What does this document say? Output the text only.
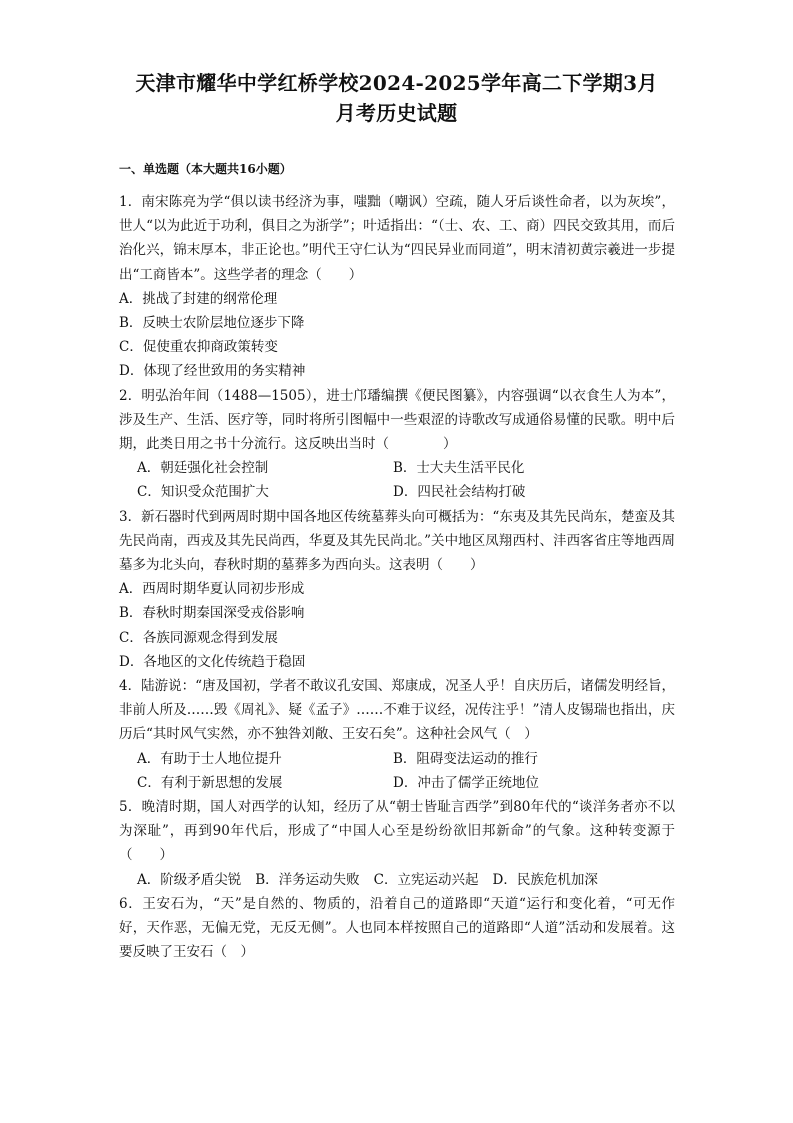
天津市耀华中学红桥学校2024-2025学年高二下学期3月
月考历史试题
一、单选题（本大题共16小题）

1．南宋陈亮为学“俱以读书经济为事，嗤黜（嘲讽）空疏，随人牙后谈性命者，以为灰埃”，世人“以为此近于功利，俱目之为浙学”；叶适指出：“（士、农、工、商）四民交致其用，而后治化兴，锦末厚本，非正论也。”明代王守仁认为“四民异业而同道”，明末清初黄宗羲进一步提出“工商皆本”。这些学者的理念（　　）

A．挑战了封建的纲常伦理

B．反映士农阶层地位逐步下降

C．促使重农抑商政策转变

D．体现了经世致用的务实精神

2．明弘治年间（1488—1505），进士邝璠编撰《便民图纂》，内容强调“以衣食生人为本”，涉及生产、生活、医疗等，同时将所引图幅中一些艰涩的诗歌改写成通俗易懂的民歌。明中后期，此类日用之书十分流行。这反映出当时（　　　　）

A．朝廷强化社会控制	B．士大夫生活平民化

C．知识受众范围扩大	D．四民社会结构打破

3．新石器时代到两周时期中国各地区传统墓葬头向可概括为：“东夷及其先民尚东，楚蛮及其先民尚南，西戎及其先民尚西，华夏及其先民尚北。”关中地区凤翔西村、沣西客省庄等地西周墓多为北头向，春秋时期的墓葬多为西向头。这表明（　　）

A．西周时期华夏认同初步形成

B．春秋时期秦国深受戎俗影响

C．各族同源观念得到发展

D．各地区的文化传统趋于稳固

4．陆游说：“唐及国初，学者不敢议孔安国、郑康成，况圣人乎！自庆历后，诸儒发明经旨，非前人所及……毁《周礼》、疑《孟子》……不难于议经，况传注乎！”清人皮锡瑞也指出，庆历后“其时风气实然，亦不独咎刘敞、王安石矣”。这种社会风气（　）

A．有助于士人地位提升	B．阻碍变法运动的推行

C．有利于新思想的发展	D．冲击了儒学正统地位

5．晚清时期，国人对西学的认知，经历了从“朝士皆耻言西学”到80年代的“谈洋务者亦不以为深耻”，再到90年代后，形成了“中国人心至是纷纷欲旧邦新命”的气象。这种转变源于（　　）

A．阶级矛盾尖锐 B．洋务运动失败 C．立宪运动兴起 D．民族危机加深

6．王安石为，“天”是自然的、物质的，沿着自己的道路即“天道“运行和变化着，“可无作好，天作恶，无偏无党，无反无侧”。人也同本样按照自己的道路即“人道”活动和发展着。这要反映了王安石（　）
